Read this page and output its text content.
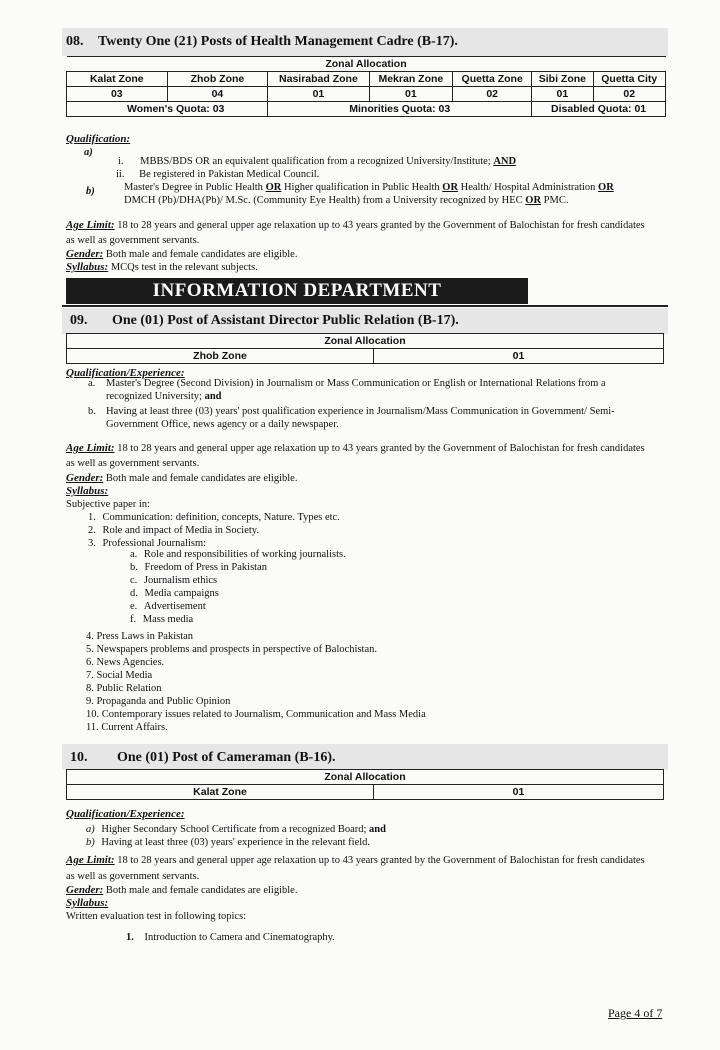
08. Twenty One (21) Posts of Health Management Cadre (B-17).
Zonal Allocation						
Kalat Zone	Zhob Zone	Nasirabad Zone	Mekran Zone	Quetta Zone	Sibi Zone	Quetta City
03	04	01	01	02	01	02
Women's Quota: 03		Minorities Quota: 03			Disabled Quota: 01	
Qualification:
a)
i. MBBS/BDS OR an equivalent qualification from a recognized University/Institute; AND
ii. Be registered in Pakistan Medical Council.
b)	Master's Degree in Public Health OR Higher qualification in Public Health OR Health/ Hospital Administration OR
DMCH (Pb)/DHA(Pb)/ M.Sc. (Community Eye Health) from a University recognized by HEC OR PMC.
Age Limit: 18 to 28 years and general upper age relaxation up to 43 years granted by the Government of Balochistan for fresh candidates
as well as government servants.
Gender: Both male and female candidates are eligible.
Syllabus: MCQs test in the relevant subjects.
INFORMATION DEPARTMENT
09. One (01) Post of Assistant Director Public Relation (B-17).
Zonal Allocation
Zhob Zone	01
Qualification/Experience:
a. Master's Degree (Second Division) in Journalism or Mass Communication or English or International Relations from a
recognized University; and
b. Having at least three (03) years' post qualification experience in Journalism/Mass Communication in Government/ Semi-
Government Office, news agency or a daily newspaper.
Age Limit: 18 to 28 years and general upper age relaxation up to 43 years granted by the Government of Balochistan for fresh candidates
as well as government servants.
Gender: Both male and female candidates are eligible.
Syllabus:
Subjective paper in:
1. Communication: definition, concepts, Nature. Types etc.
2. Role and impact of Media in Society.
3. Professional Journalism:
a. Role and responsibilities of working journalists.
b. Freedom of Press in Pakistan
c. Journalism ethics
d. Media campaigns
e. Advertisement
f. Mass media
4. Press Laws in Pakistan
5. Newspapers problems and prospects in perspective of Balochistan.
6. News Agencies.
7. Social Media
8. Public Relation
9. Propaganda and Public Opinion
10. Contemporary issues related to Journalism, Communication and Mass Media
11. Current Affairs.
10. One (01) Post of Cameraman (B-16).
Zonal Allocation
Kalat Zone	01
Qualification/Experience:
a) Higher Secondary School Certificate from a recognized Board; and
b) Having at least three (03) years' experience in the relevant field.
Age Limit: 18 to 28 years and general upper age relaxation up to 43 years granted by the Government of Balochistan for fresh candidates
as well as government servants.
Gender: Both male and female candidates are eligible.
Syllabus:
Written evaluation test in following topics:
1. Introduction to Camera and Cinematography.
Page 4 of 7
